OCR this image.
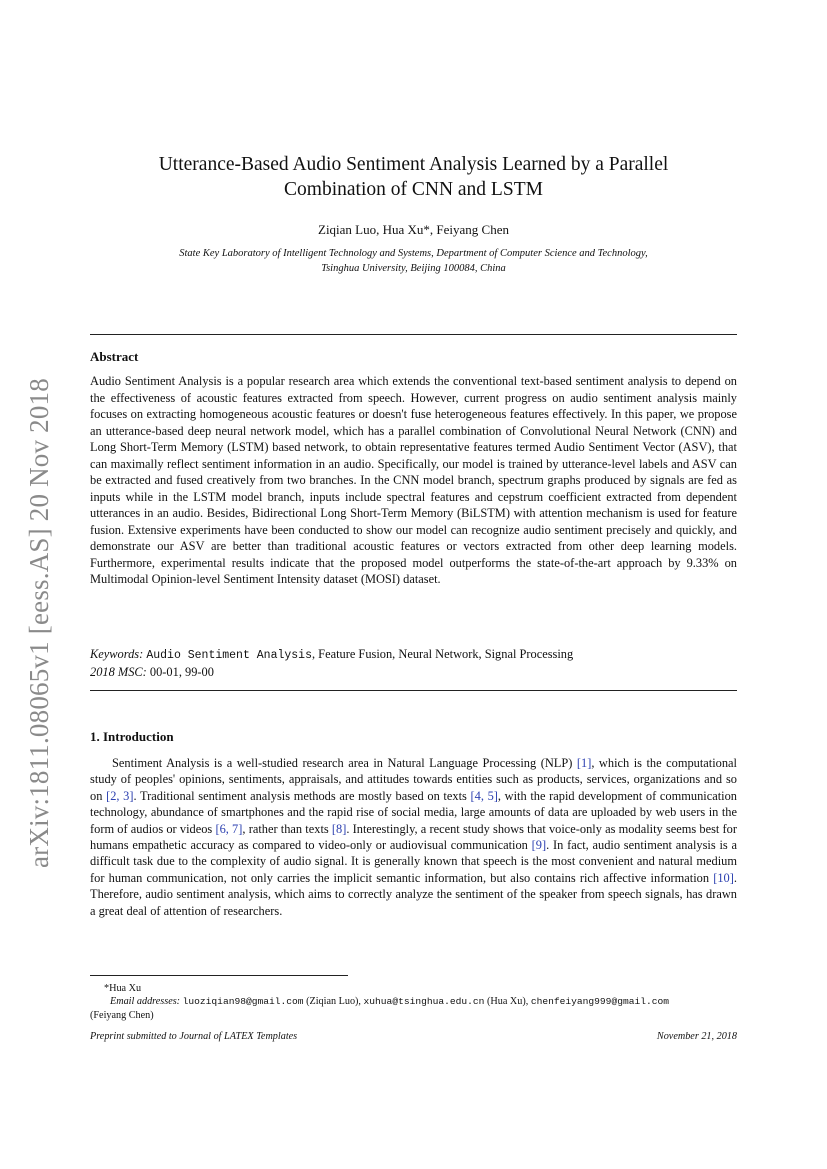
arXiv:1811.08065v1 [eess.AS] 20 Nov 2018
Utterance-Based Audio Sentiment Analysis Learned by a Parallel
Combination of CNN and LSTM
Ziqian Luo, Hua Xu*, Feiyang Chen
State Key Laboratory of Intelligent Technology and Systems, Department of Computer Science and Technology,
Tsinghua University, Beijing 100084, China
Abstract
Audio Sentiment Analysis is a popular research area which extends the conventional text-based sentiment analysis to depend on the effectiveness of acoustic features extracted from speech. However, current progress on audio sentiment analysis mainly focuses on extracting homogeneous acoustic features or doesn't fuse heterogeneous features effectively. In this paper, we propose an utterance-based deep neural network model, which has a parallel combination of Convolutional Neural Network (CNN) and Long Short-Term Memory (LSTM) based network, to obtain representative features termed Audio Sentiment Vector (ASV), that can maximally reflect sentiment information in an audio. Specifically, our model is trained by utterance-level labels and ASV can be extracted and fused creatively from two branches. In the CNN model branch, spectrum graphs produced by signals are fed as inputs while in the LSTM model branch, inputs include spectral features and cepstrum coefficient extracted from dependent utterances in an audio. Besides, Bidirectional Long Short-Term Memory (BiLSTM) with attention mechanism is used for feature fusion. Extensive experiments have been conducted to show our model can recognize audio sentiment precisely and quickly, and demonstrate our ASV are better than traditional acoustic features or vectors extracted from other deep learning models. Furthermore, experimental results indicate that the proposed model outperforms the state-of-the-art approach by 9.33% on Multimodal Opinion-level Sentiment Intensity dataset (MOSI) dataset.
Keywords: Audio Sentiment Analysis, Feature Fusion, Neural Network, Signal Processing
2018 MSC: 00-01, 99-00
1. Introduction
Sentiment Analysis is a well-studied research area in Natural Language Processing (NLP) [1], which is the computational study of peoples' opinions, sentiments, appraisals, and attitudes towards entities such as products, services, organizations and so on [2, 3]. Traditional sentiment analysis methods are mostly based on texts [4, 5], with the rapid development of communication technology, abundance of smartphones and the rapid rise of social media, large amounts of data are uploaded by web users in the form of audios or videos [6, 7], rather than texts [8]. Interestingly, a recent study shows that voice-only as modality seems best for humans empathetic accuracy as compared to video-only or audiovisual communication [9]. In fact, audio sentiment analysis is a difficult task due to the complexity of audio signal. It is generally known that speech is the most convenient and natural medium for human communication, not only carries the implicit semantic information, but also contains rich affective information [10]. Therefore, audio sentiment analysis, which aims to correctly analyze the sentiment of the speaker from speech signals, has drawn a great deal of attention of researchers.
*Hua Xu
Email addresses: luoziqian98@gmail.com (Ziqian Luo), xuhua@tsinghua.edu.cn (Hua Xu), chenfeiyang999@gmail.com
(Feiyang Chen)
Preprint submitted to Journal of LATEX Templates	November 21, 2018
